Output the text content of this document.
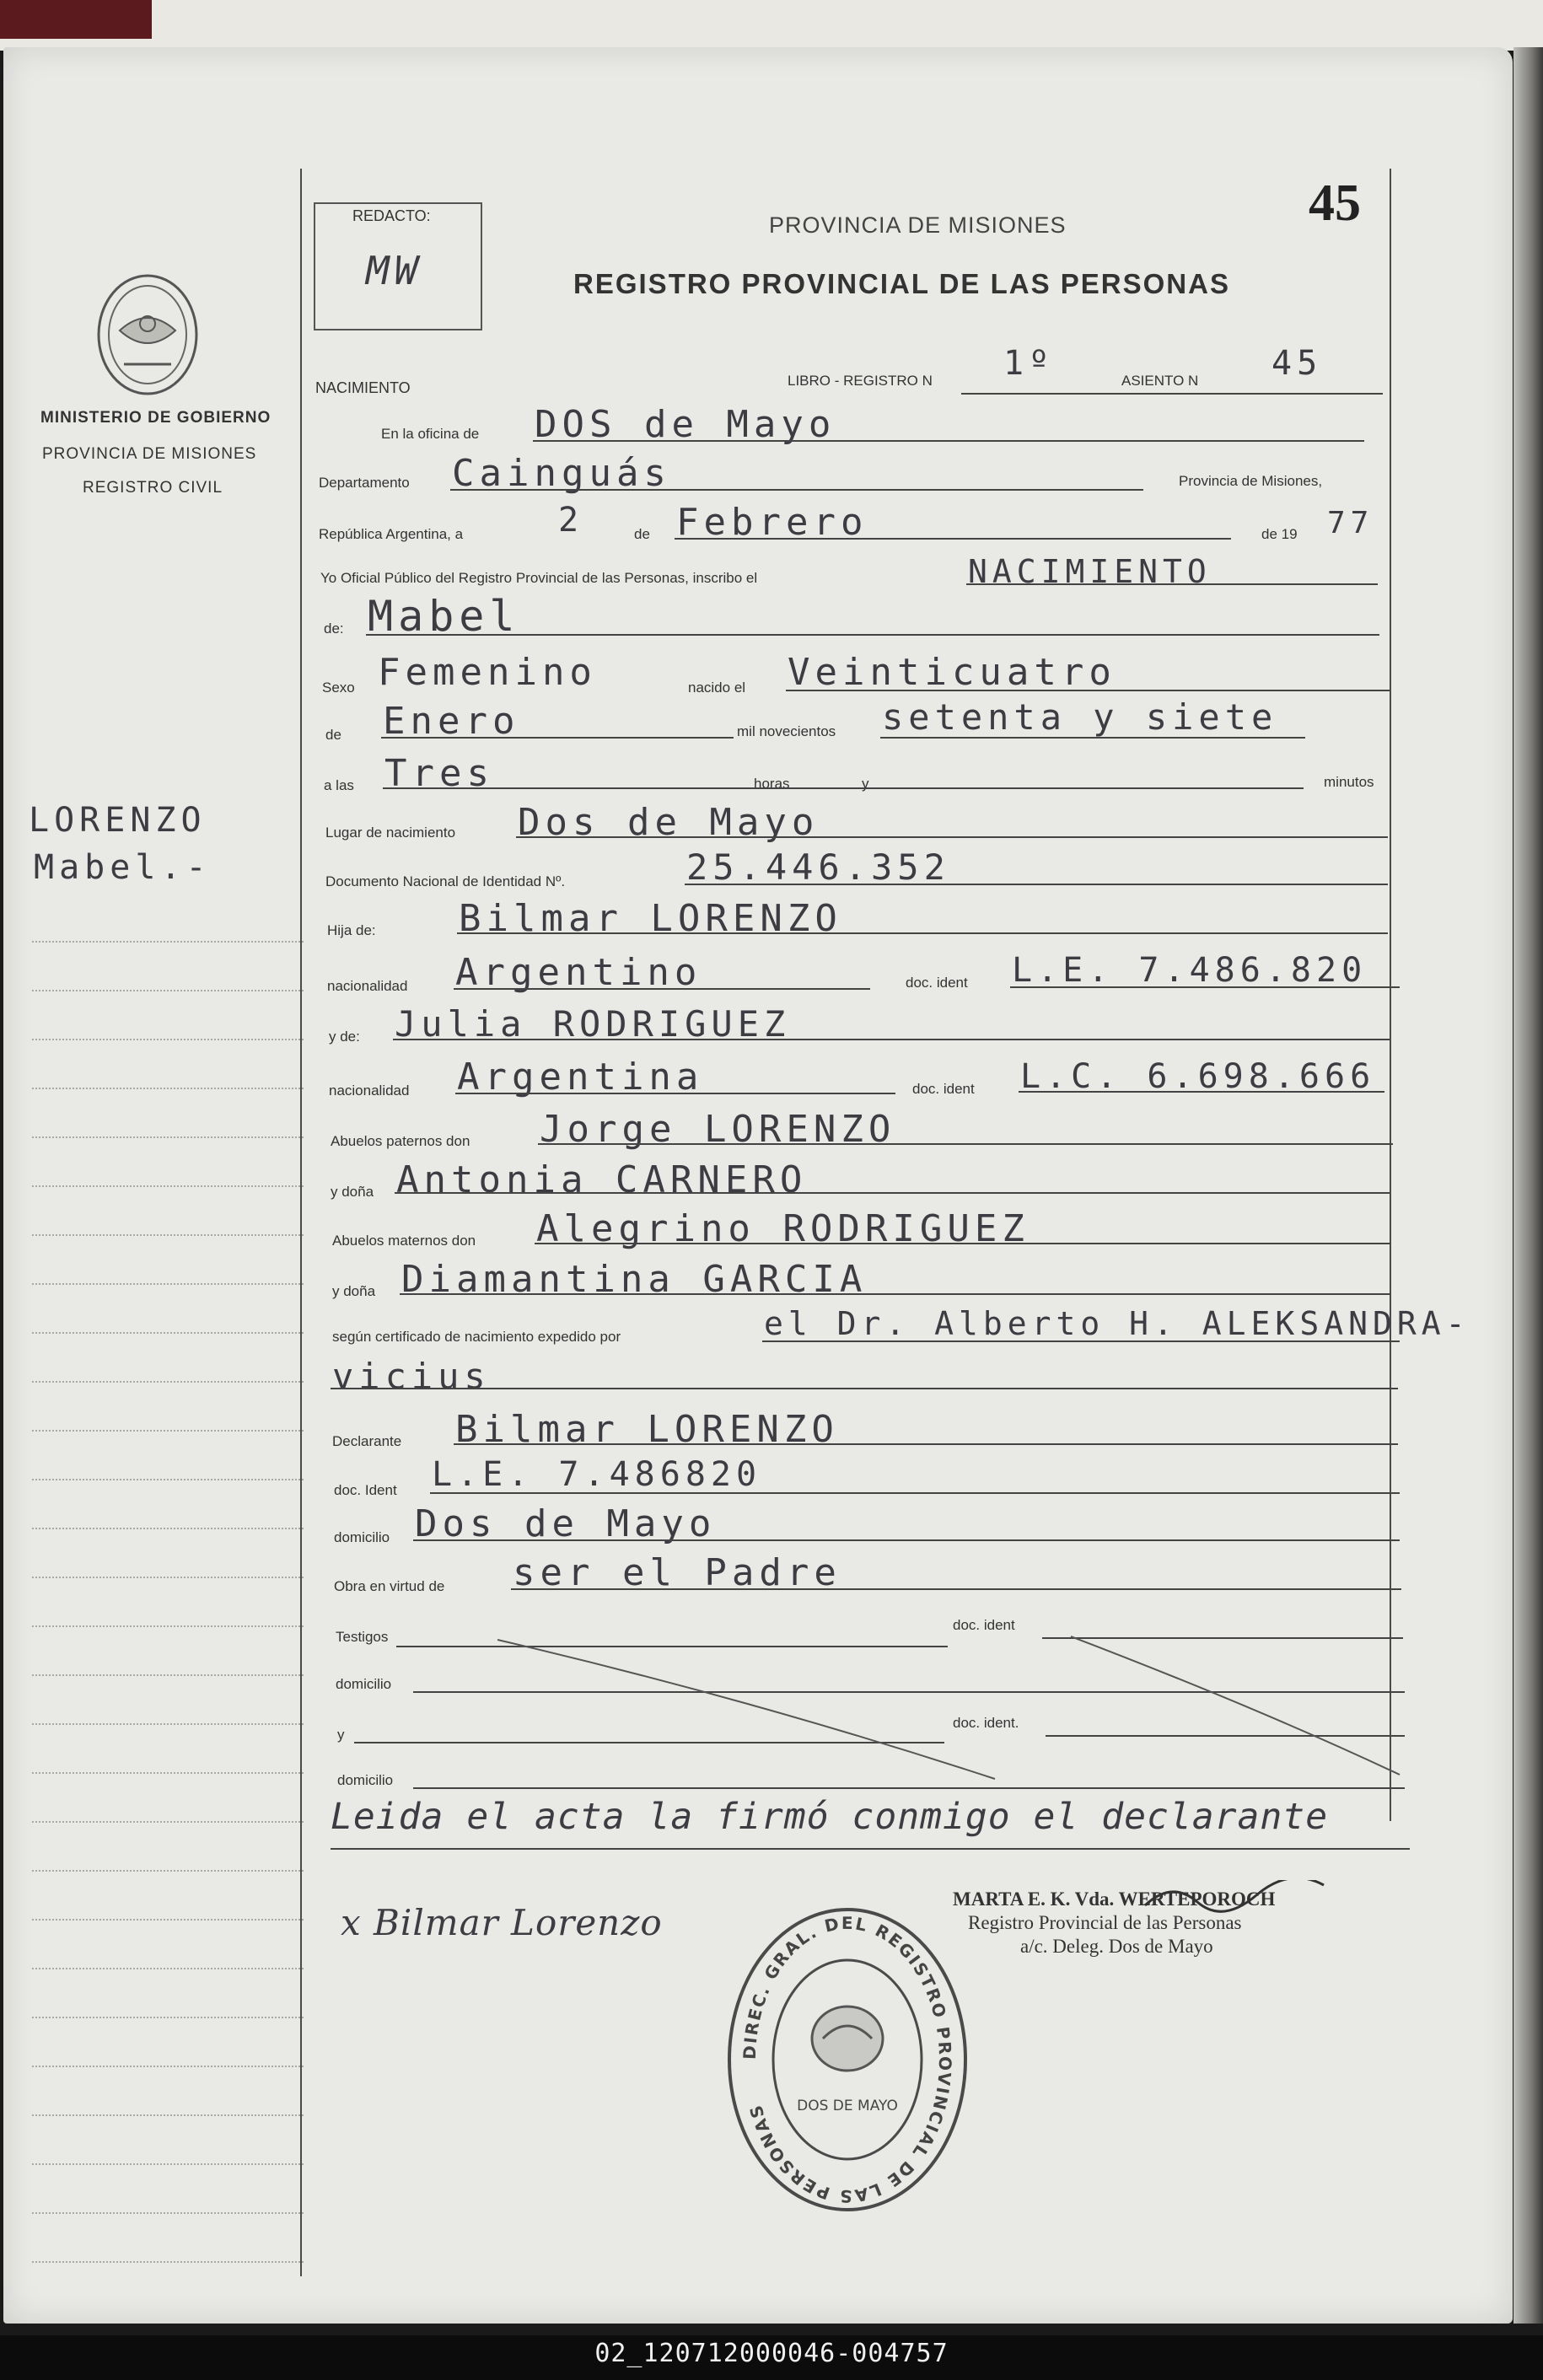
MINISTERIO DE GOBIERNO
PROVINCIA DE MISIONES
REGISTRO CIVIL
LORENZO
Mabel.-
REDACTO:
MW
PROVINCIA DE MISIONES
REGISTRO PROVINCIAL DE LAS PERSONAS
45
NACIMIENTO	LIBRO - REGISTRO N 1º	ASIENTO N 45
En la oficina de DOS de Mayo
Departamento Cainguás	Provincia de Misiones,
República Argentina, a	2	de Febrero	de 19 77
Yo Oficial Público del Registro Provincial de las Personas, inscribo el	NACIMIENTO
de: Mabel
Sexo Femenino	nacido el Veinticuatro
de Enero	mil novecientos setenta y siete
a las Tres	horas	y	minutos
Lugar de nacimiento Dos de Mayo
Documento Nacional de Identidad Nº.	25.446.352
Hija de: Bilmar LORENZO
nacionalidad Argentino	doc. ident L.E. 7.486.820
y de: Julia RODRIGUEZ
nacionalidad Argentina	doc. ident L.C. 6.698.666
Abuelos paternos don Jorge LORENZO
y doña Antonia CARNERO
Abuelos maternos don Alegrino RODRIGUEZ
y doña Diamantina GARCIA
según certificado de nacimiento expedido por	el Dr. Alberto H. ALEKSANDRA-
vicius
Declarante Bilmar LORENZO
doc. Ident L.E. 7.486820
domicilio Dos de Mayo
Obra en virtud de ser el Padre
Testigos
doc. ident
domicilio
y
doc. ident.
domicilio
Leida el acta la firmó conmigo el declarante
x Bilmar Lorenzo
MARTA E. K. Vda. WERTEPOROCH
Registro Provincial de las Personas
a/c. Deleg. Dos de Mayo
DIREC. GRAL. DEL REGISTRO PROVINCIAL DE LAS PERSONAS	DOS DE MAYO
02_120712000046-004757
